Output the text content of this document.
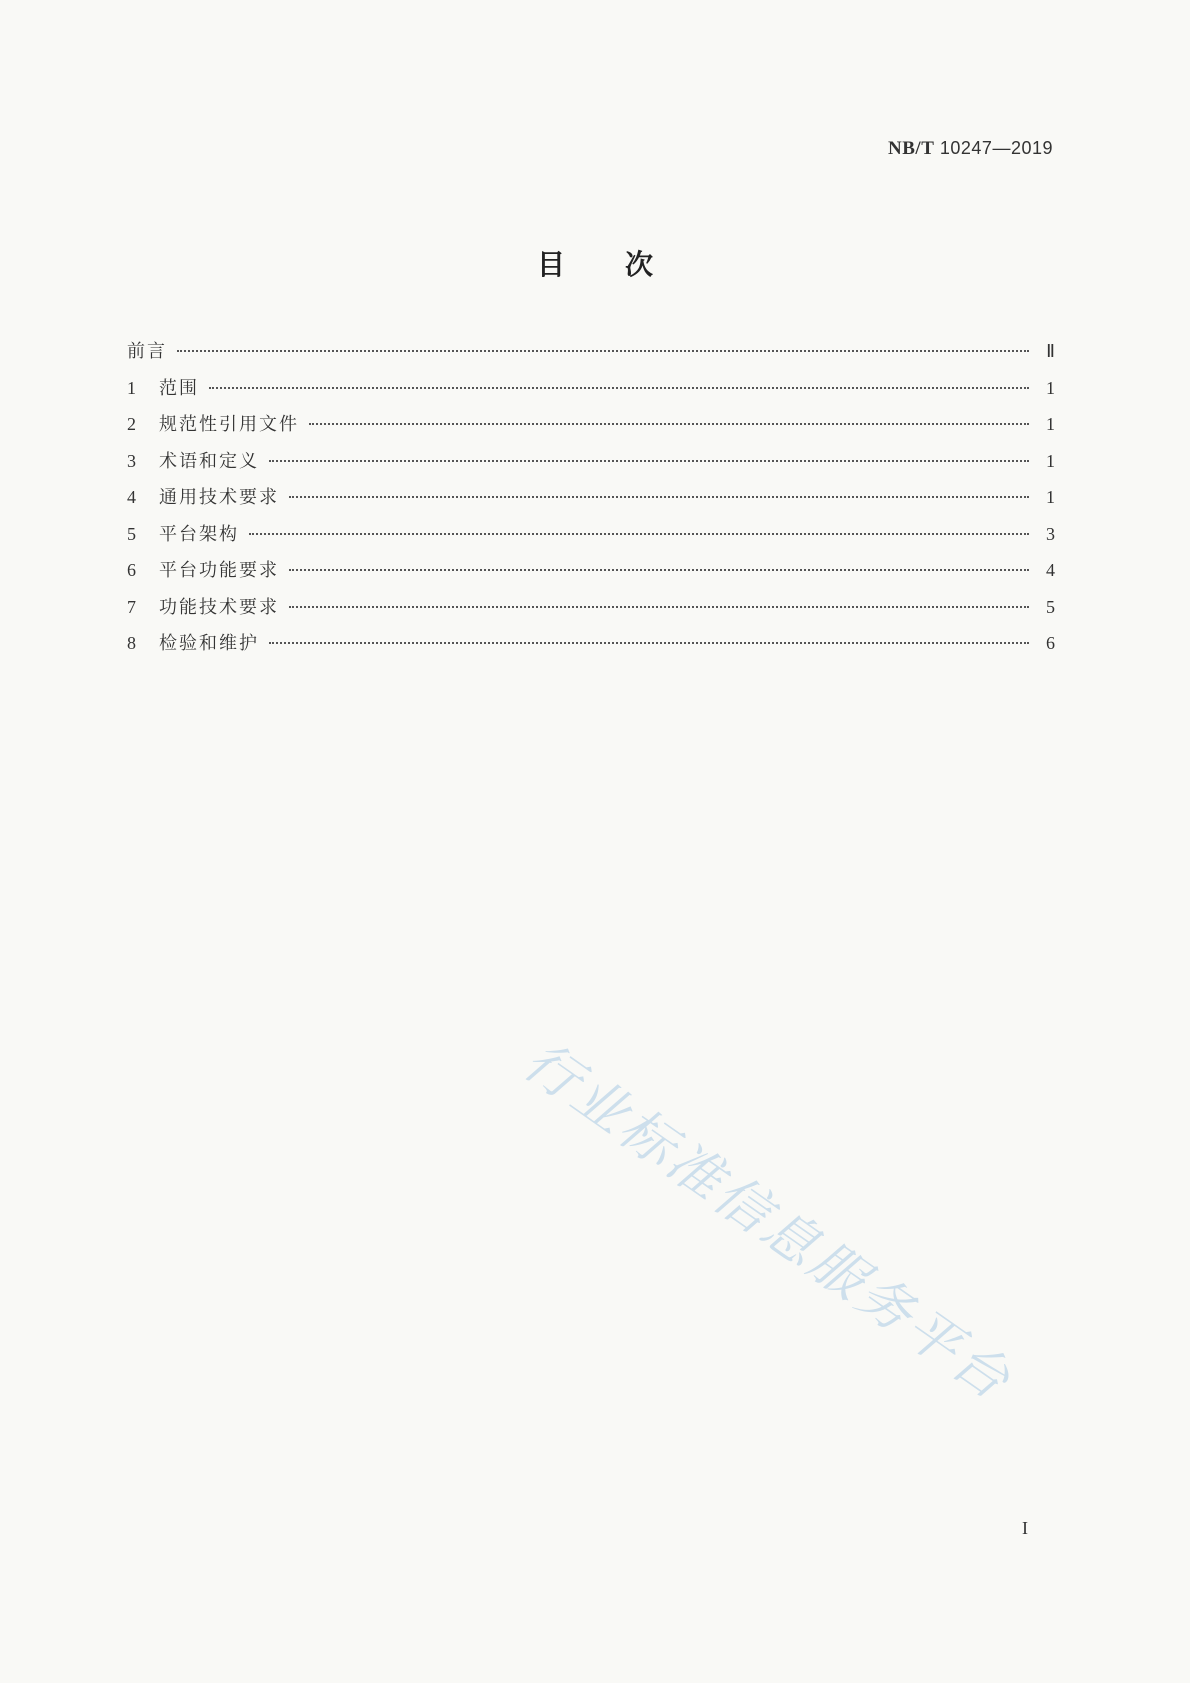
NB/T 10247—2019
目 次
前言	Ⅱ
1	范围	1
2	规范性引用文件	1
3	术语和定义	1
4	通用技术要求	1
5	平台架构	3
6	平台功能要求	4
7	功能技术要求	5
8	检验和维护	6
行业标准信息服务平台
I
